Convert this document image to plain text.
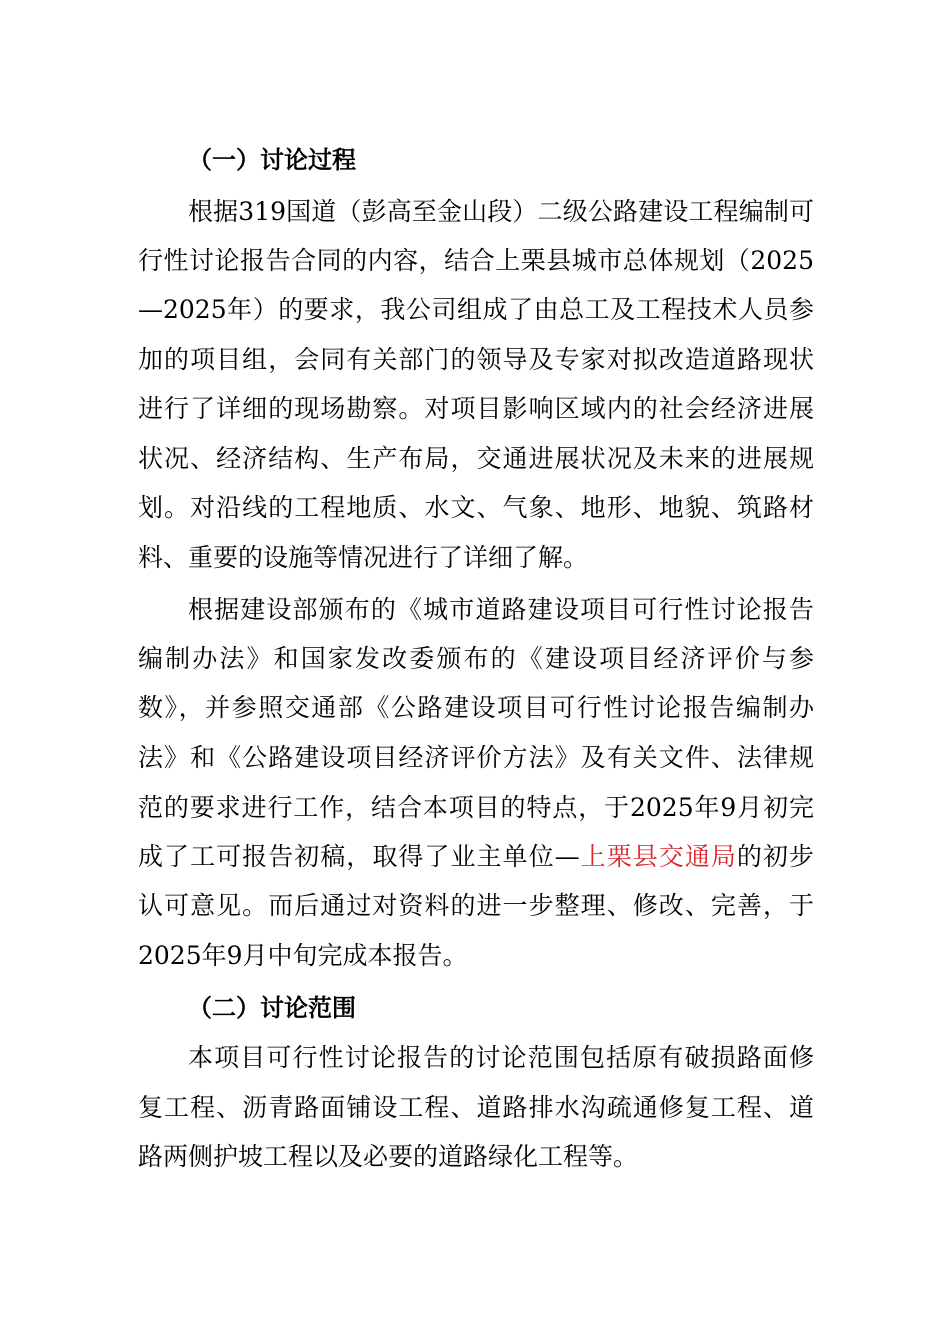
（一）讨论过程
根据319国道（彭高至金山段）二级公路建设工程编制可
行性讨论报告合同的内容，结合上栗县城市总体规划（2025
—2025年）的要求，我公司组成了由总工及工程技术人员参
加的项目组，会同有关部门的领导及专家对拟改造道路现状
进行了详细的现场勘察。对项目影响区域内的社会经济进展
状况、经济结构、生产布局，交通进展状况及未来的进展规
划。对沿线的工程地质、水文、气象、地形、地貌、筑路材
料、重要的设施等情况进行了详细了解。
根据建设部颁布的《城市道路建设项目可行性讨论报告
编制办法》和国家发改委颁布的《建设项目经济评价与参
数》，并参照交通部《公路建设项目可行性讨论报告编制办
法》和《公路建设项目经济评价方法》及有关文件、法律规
范的要求进行工作，结合本项目的特点，于2025年9月初完
成了工可报告初稿，取得了业主单位—上栗县交通局的初步
认可意见。而后通过对资料的进一步整理、修改、完善，于
2025年9月中旬完成本报告。
（二）讨论范围
本项目可行性讨论报告的讨论范围包括原有破损路面修
复工程、沥青路面铺设工程、道路排水沟疏通修复工程、道
路两侧护坡工程以及必要的道路绿化工程等。
